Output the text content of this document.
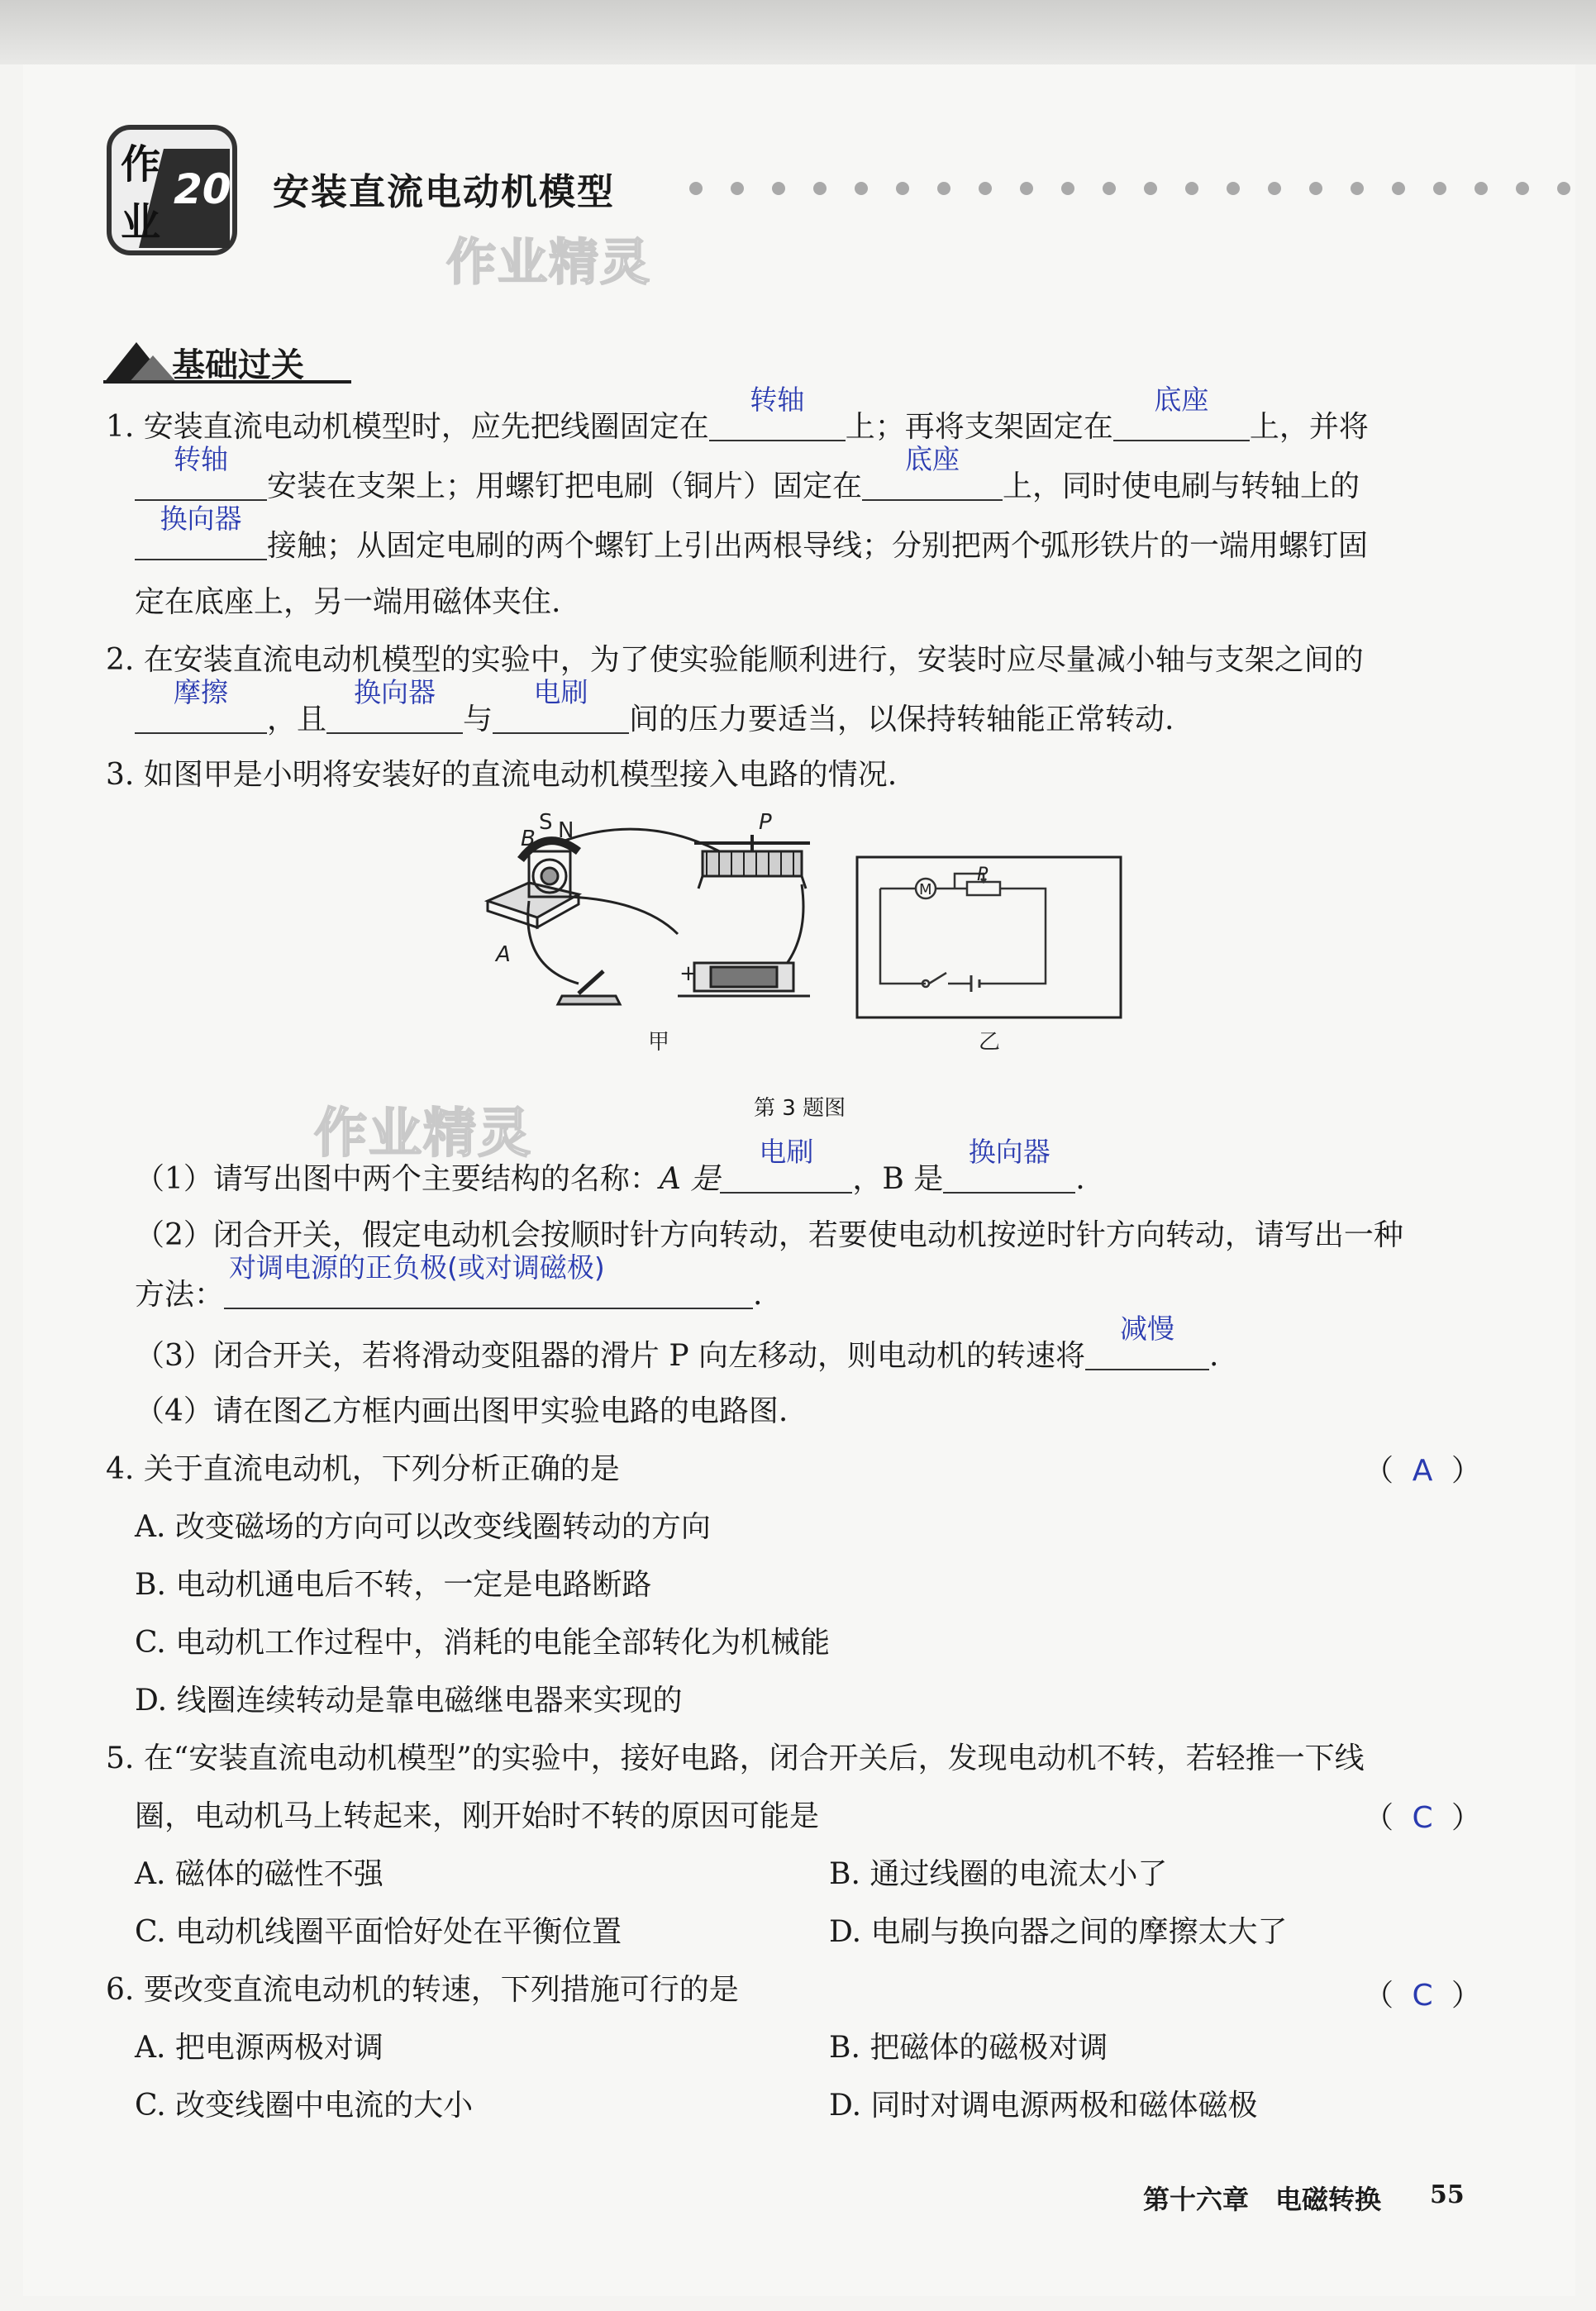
作
业
20 安装直流电动机模型
作业精灵
基础过关
1. 安装直流电动机模型时，应先把线圈固定在
转轴
上；再将支架固定在
底座
上，并将
转轴
安装在支架上；用螺钉把电刷（铜片）固定在
底座
上，同时使电刷与转轴上的
换向器
接触；从固定电刷的两个螺钉上引出两根导线；分别把两个弧形铁片的一端用螺钉固
定在底座上，另一端用磁体夹住.
2. 在安装直流电动机模型的实验中，为了使实验能顺利进行，安装时应尽量减小轴与支架之间的
摩擦
，且
换向器
与
电刷
间的压力要适当，以保持转轴能正常转动.
3. 如图甲是小明将安装好的直流电动机模型接入电路的情况.
B
S N
A
P
+
甲
M
P
乙
第 3 题图
作业精灵
（1）请写出图中两个主要结构的名称：A 是
电刷
，B 是
换向器
.
（2）闭合开关，假定电动机会按顺时针方向转动，若要使电动机按逆时针方向转动，请写出一种
方法：
对调电源的正负极(或对调磁极)
.
（3）闭合开关，若将滑动变阻器的滑片 P 向左移动，则电动机的转速将
减慢
.
（4）请在图乙方框内画出图甲实验电路的电路图.
4. 关于直流电动机，下列分析正确的是	（ A ）
A. 改变磁场的方向可以改变线圈转动的方向
B. 电动机通电后不转，一定是电路断路
C. 电动机工作过程中，消耗的电能全部转化为机械能
D. 线圈连续转动是靠电磁继电器来实现的
5. 在“安装直流电动机模型”的实验中，接好电路，闭合开关后，发现电动机不转，若轻推一下线
圈，电动机马上转起来，刚开始时不转的原因可能是	（ C ）
A. 磁体的磁性不强	B. 通过线圈的电流太小了
C. 电动机线圈平面恰好处在平衡位置	D. 电刷与换向器之间的摩擦太大了
6. 要改变直流电动机的转速，下列措施可行的是	（ C ）
A. 把电源两极对调	B. 把磁体的磁极对调
C. 改变线圈中电流的大小	D. 同时对调电源两极和磁体磁极
第十六章　电磁转换 55
